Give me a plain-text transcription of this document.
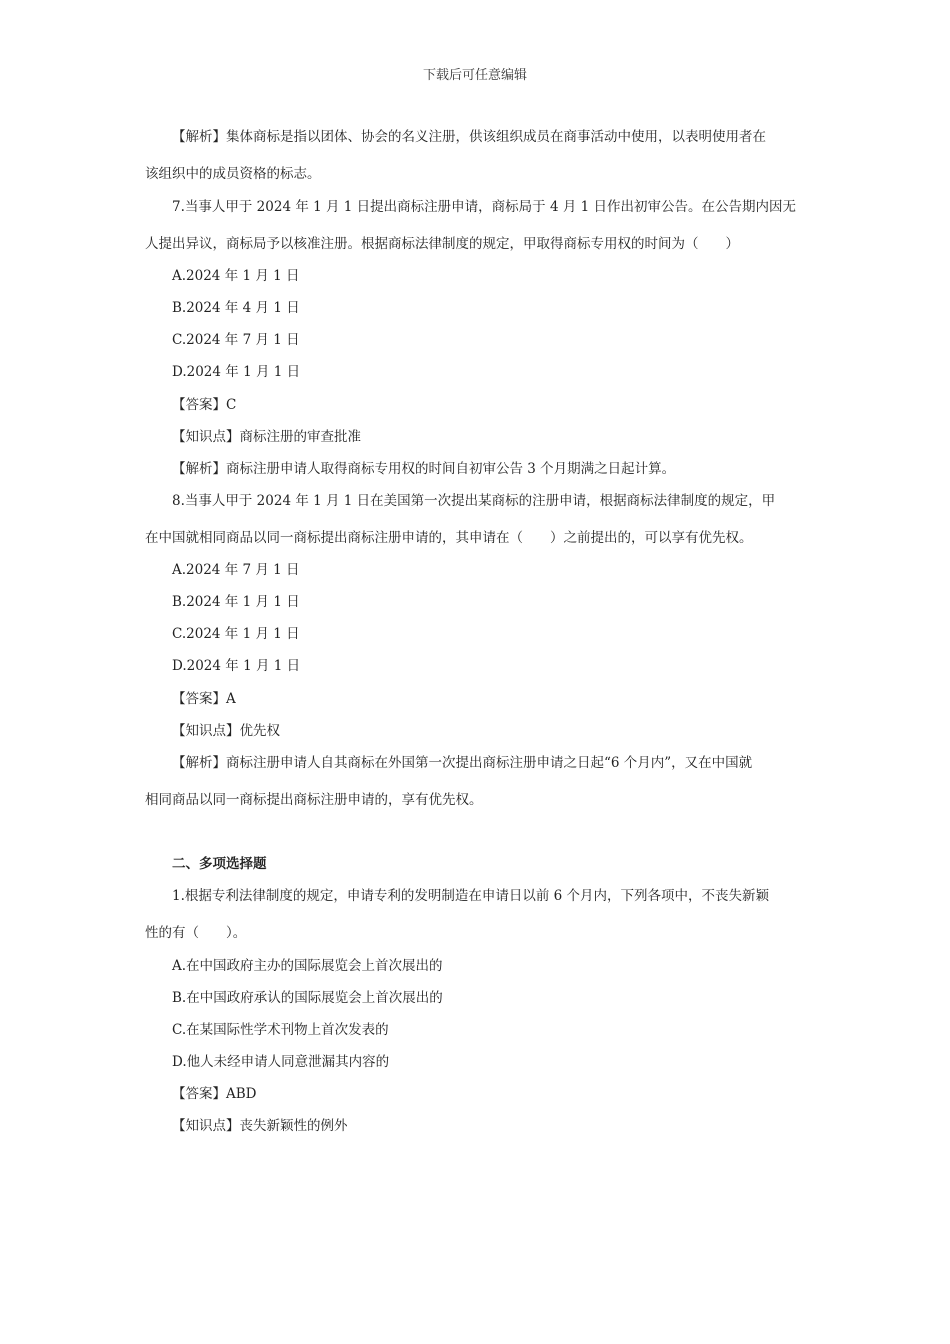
下载后可任意编辑
【解析】集体商标是指以团体、协会的名义注册，供该组织成员在商事活动中使用，以表明使用者在
该组织中的成员资格的标志。
7.当事人甲于 2024 年 1 月 1 日提出商标注册申请，商标局于 4 月 1 日作出初审公告。在公告期内因无
人提出异议，商标局予以核准注册。根据商标法律制度的规定，甲取得商标专用权的时间为（　　）
A.2024 年 1 月 1 日
B.2024 年 4 月 1 日
C.2024 年 7 月 1 日
D.2024 年 1 月 1 日
【答案】C
【知识点】商标注册的审查批准
【解析】商标注册申请人取得商标专用权的时间自初审公告 3 个月期满之日起计算。
8.当事人甲于 2024 年 1 月 1 日在美国第一次提出某商标的注册申请，根据商标法律制度的规定，甲
在中国就相同商品以同一商标提出商标注册申请的，其申请在（　　）之前提出的，可以享有优先权。
A.2024 年 7 月 1 日
B.2024 年 1 月 1 日
C.2024 年 1 月 1 日
D.2024 年 1 月 1 日
【答案】A
【知识点】优先权
【解析】商标注册申请人自其商标在外国第一次提出商标注册申请之日起“6 个月内”，又在中国就
相同商品以同一商标提出商标注册申请的，享有优先权。
二、多项选择题
1.根据专利法律制度的规定，申请专利的发明制造在申请日以前 6 个月内，下列各项中，不丧失新颖
性的有（　　）。
A.在中国政府主办的国际展览会上首次展出的
B.在中国政府承认的国际展览会上首次展出的
C.在某国际性学术刊物上首次发表的
D.他人未经申请人同意泄漏其内容的
【答案】ABD
【知识点】丧失新颖性的例外
